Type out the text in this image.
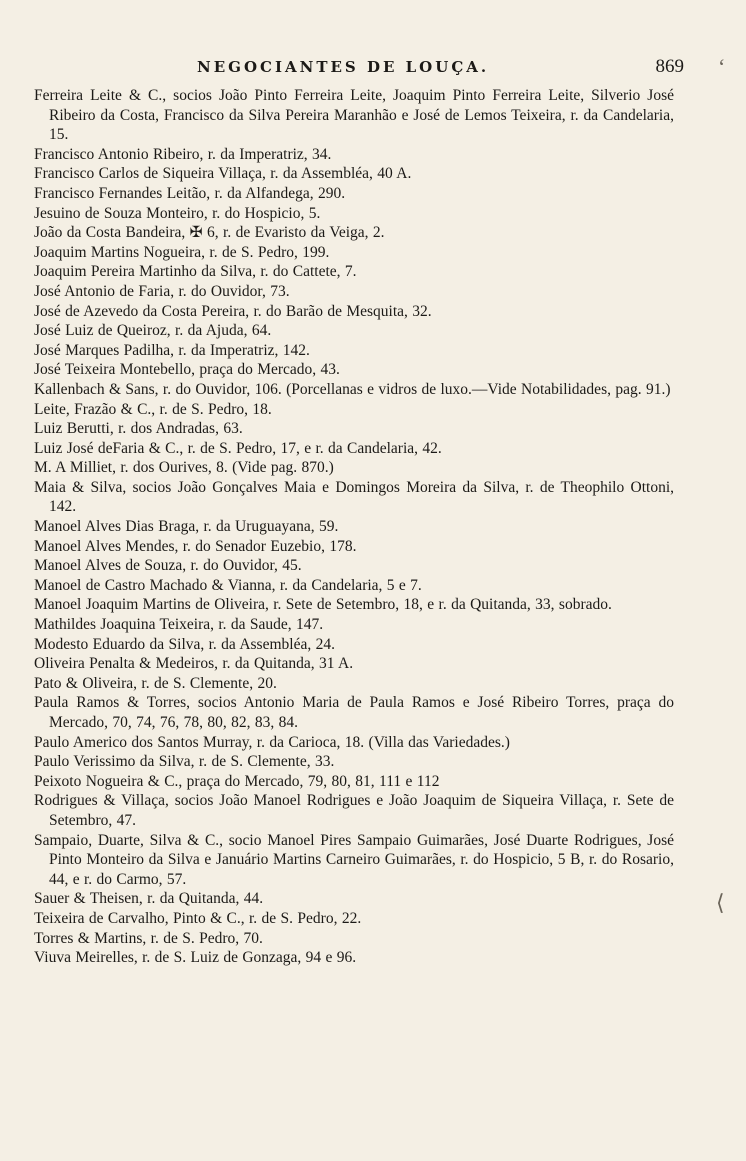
NEGOCIANTES DE LOUÇA.	869
Ferreira Leite & C., socios João Pinto Ferreira Leite, Joaquim Pinto Ferreira Leite, Silverio José Ribeiro da Costa, Francisco da Silva Pereira Maranhão e José de Lemos Teixeira, r. da Candelaria, 15.
Francisco Antonio Ribeiro, r. da Imperatriz, 34.
Francisco Carlos de Siqueira Villaça, r. da Assembléa, 40 A.
Francisco Fernandes Leitão, r. da Alfandega, 290.
Jesuino de Souza Monteiro, r. do Hospicio, 5.
João da Costa Bandeira, ✠ 6, r. de Evaristo da Veiga, 2.
Joaquim Martins Nogueira, r. de S. Pedro, 199.
Joaquim Pereira Martinho da Silva, r. do Cattete, 7.
José Antonio de Faria, r. do Ouvidor, 73.
José de Azevedo da Costa Pereira, r. do Barão de Mesquita, 32.
José Luiz de Queiroz, r. da Ajuda, 64.
José Marques Padilha, r. da Imperatriz, 142.
José Teixeira Montebello, praça do Mercado, 43.
Kallenbach & Sans, r. do Ouvidor, 106. (Porcellanas e vidros de luxo.—Vide Notabilidades, pag. 91.)
Leite, Frazão & C., r. de S. Pedro, 18.
Luiz Berutti, r. dos Andradas, 63.
Luiz José deFaria & C., r. de S. Pedro, 17, e r. da Candelaria, 42.
M. A Milliet, r. dos Ourives, 8. (Vide pag. 870.)
Maia & Silva, socios João Gonçalves Maia e Domingos Moreira da Silva, r. de Theophilo Ottoni, 142.
Manoel Alves Dias Braga, r. da Uruguayana, 59.
Manoel Alves Mendes, r. do Senador Euzebio, 178.
Manoel Alves de Souza, r. do Ouvidor, 45.
Manoel de Castro Machado & Vianna, r. da Candelaria, 5 e 7.
Manoel Joaquim Martins de Oliveira, r. Sete de Setembro, 18, e r. da Quitanda, 33, sobrado.
Mathildes Joaquina Teixeira, r. da Saude, 147.
Modesto Eduardo da Silva, r. da Assembléa, 24.
Oliveira Penalta & Medeiros, r. da Quitanda, 31 A.
Pato & Oliveira, r. de S. Clemente, 20.
Paula Ramos & Torres, socios Antonio Maria de Paula Ramos e José Ribeiro Torres, praça do Mercado, 70, 74, 76, 78, 80, 82, 83, 84.
Paulo Americo dos Santos Murray, r. da Carioca, 18. (Villa das Variedades.)
Paulo Verissimo da Silva, r. de S. Clemente, 33.
Peixoto Nogueira & C., praça do Mercado, 79, 80, 81, 111 e 112
Rodrigues & Villaça, socios João Manoel Rodrigues e João Joaquim de Siqueira Villaça, r. Sete de Setembro, 47.
Sampaio, Duarte, Silva & C., socio Manoel Pires Sampaio Guimarães, José Duarte Rodrigues, José Pinto Monteiro da Silva e Januário Martins Carneiro Guimarães, r. do Hospicio, 5 B, r. do Rosario, 44, e r. do Carmo, 57.
Sauer & Theisen, r. da Quitanda, 44.
Teixeira de Carvalho, Pinto & C., r. de S. Pedro, 22.
Torres & Martins, r. de S. Pedro, 70.
Viuva Meirelles, r. de S. Luiz de Gonzaga, 94 e 96.
‘
⟨
